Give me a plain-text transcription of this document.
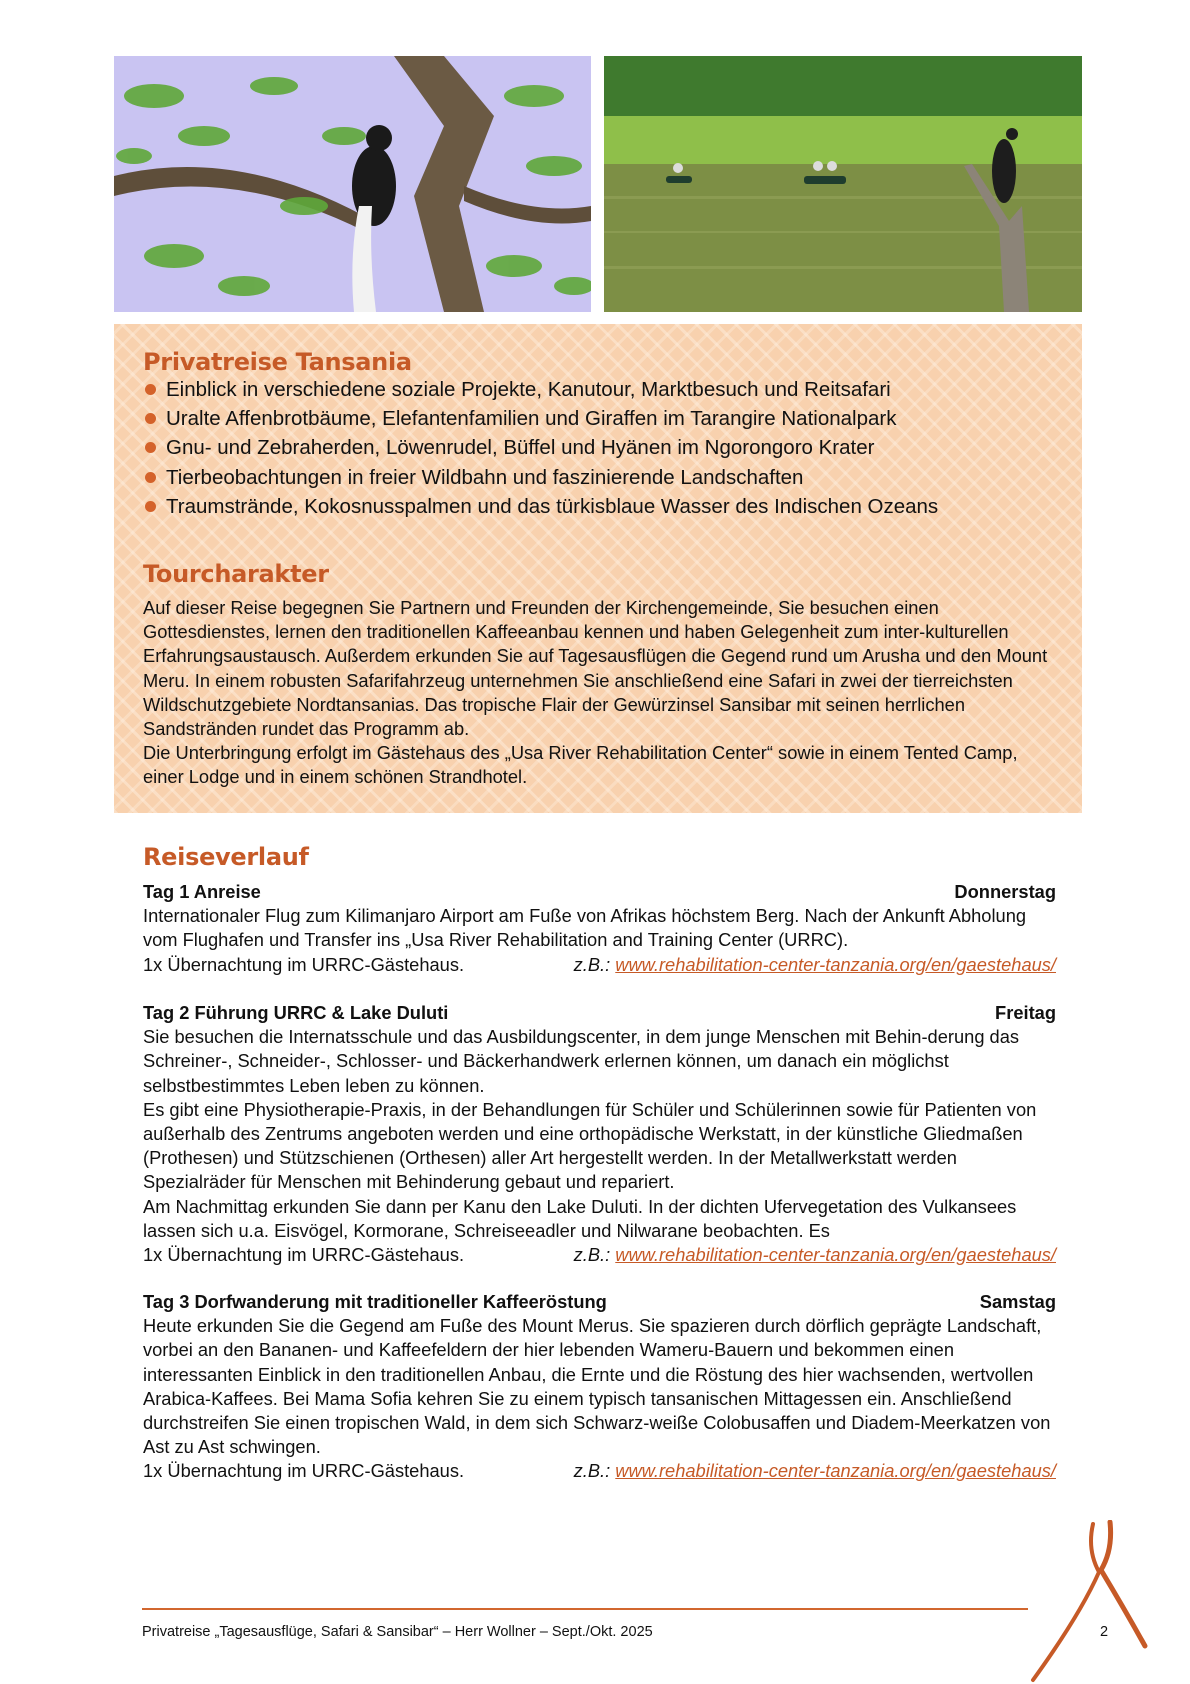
Privatreise Tansania
Einblick in verschiedene soziale Projekte, Kanutour, Marktbesuch und Reitsafari
Uralte Affenbrotbäume, Elefantenfamilien und Giraffen im Tarangire Nationalpark
Gnu- und Zebraherden, Löwenrudel, Büffel und Hyänen im Ngorongoro Krater
Tierbeobachtungen in freier Wildbahn und faszinierende Landschaften
Traumstrände, Kokosnusspalmen und das türkisblaue Wasser des Indischen Ozeans
Tourcharakter

Auf dieser Reise begegnen Sie Partnern und Freunden der Kirchengemeinde, Sie besuchen einen Gottesdienstes, lernen den traditionellen Kaffeeanbau kennen und haben Gelegenheit zum inter-kulturellen Erfahrungsaustausch. Außerdem erkunden Sie auf Tagesausflügen die Gegend rund um Arusha und den Mount Meru. In einem robusten Safarifahrzeug unternehmen Sie anschließend eine Safari in zwei der tierreichsten Wildschutzgebiete Nordtansanias. Das tropische Flair der Gewürzinsel Sansibar mit seinen herrlichen Sandstränden rundet das Programm ab.

Die Unterbringung erfolgt im Gästehaus des „Usa River Rehabilitation Center“ sowie in einem Tented Camp, einer Lodge und in einem schönen Strandhotel.

Reiseverlauf
Tag 1 Anreise	Donnerstag

Internationaler Flug zum Kilimanjaro Airport am Fuße von Afrikas höchstem Berg. Nach der Ankunft Abholung vom Flughafen und Transfer ins „Usa River Rehabilitation and Training Center (URRC).

1x Übernachtung im URRC-Gästehaus.	z.B.: www.rehabilitation-center-tanzania.org/en/gaestehaus/
Tag 2 Führung URRC & Lake Duluti	Freitag

Sie besuchen die Internatsschule und das Ausbildungscenter, in dem junge Menschen mit Behin-derung das Schreiner-, Schneider-, Schlosser- und Bäckerhandwerk erlernen können, um danach ein möglichst selbstbestimmtes Leben leben zu können.

Es gibt eine Physiotherapie-Praxis, in der Behandlungen für Schüler und Schülerinnen sowie für Patienten von außerhalb des Zentrums angeboten werden und eine orthopädische Werkstatt, in der künstliche Gliedmaßen (Prothesen) und Stützschienen (Orthesen) aller Art hergestellt werden. In der Metallwerkstatt werden Spezialräder für Menschen mit Behinderung gebaut und repariert.

Am Nachmittag erkunden Sie dann per Kanu den Lake Duluti. In der dichten Ufervegetation des Vulkansees lassen sich u.a. Eisvögel, Kormorane, Schreiseeadler und Nilwarane beobachten. Es

1x Übernachtung im URRC-Gästehaus.	z.B.: www.rehabilitation-center-tanzania.org/en/gaestehaus/
Tag 3 Dorfwanderung mit traditioneller Kaffeeröstung	Samstag

Heute erkunden Sie die Gegend am Fuße des Mount Merus. Sie spazieren durch dörflich geprägte Landschaft, vorbei an den Bananen- und Kaffeefeldern der hier lebenden Wameru-Bauern und bekommen einen interessanten Einblick in den traditionellen Anbau, die Ernte und die Röstung des hier wachsenden, wertvollen Arabica-Kaffees. Bei Mama Sofia kehren Sie zu einem typisch tansanischen Mittagessen ein. Anschließend durchstreifen Sie einen tropischen Wald, in dem sich Schwarz-weiße Colobusaffen und Diadem-Meerkatzen von Ast zu Ast schwingen.

1x Übernachtung im URRC-Gästehaus.	z.B.: www.rehabilitation-center-tanzania.org/en/gaestehaus/
Privatreise „Tagesausflüge, Safari & Sansibar“ – Herr Wollner – Sept./Okt. 2025	2
